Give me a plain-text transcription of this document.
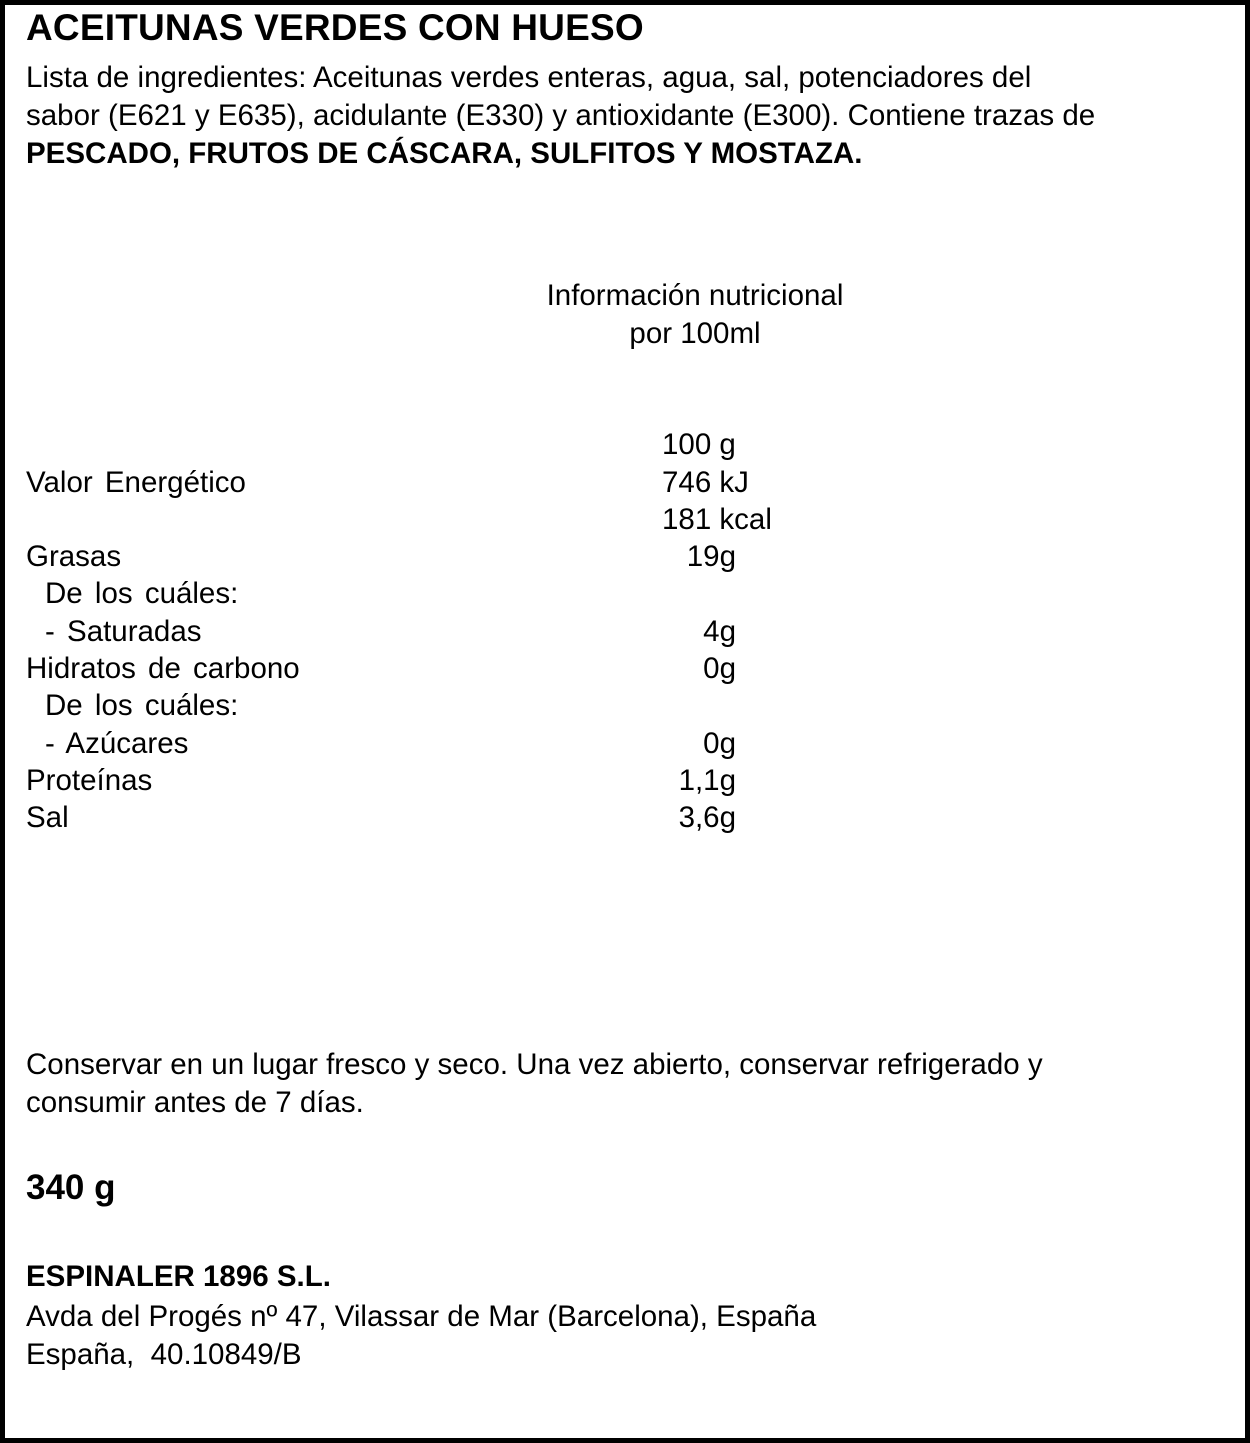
ACEITUNAS VERDES CON HUESO
Lista de ingredientes: Aceitunas verdes enteras, agua, sal, potenciadores del
sabor (E621 y E635), acidulante (E330) y antioxidante (E300). Contiene trazas de
PESCADO, FRUTOS DE CÁSCARA, SULFITOS Y MOSTAZA.
Información nutricional
por 100ml
100 g
Valor Energético	746 kJ
181 kcal
Grasas	19g
De los cuáles:
- Saturadas	4g
Hidratos de carbono	0g
De los cuáles:
- Azúcares	0g
Proteínas	1,1g
Sal	3,6g
Conservar en un lugar fresco y seco. Una vez abierto, conservar refrigerado y
consumir antes de 7 días.
340 g
ESPINALER 1896 S.L.
Avda del Progés nº 47, Vilassar de Mar (Barcelona), España
España,  40.10849/B
